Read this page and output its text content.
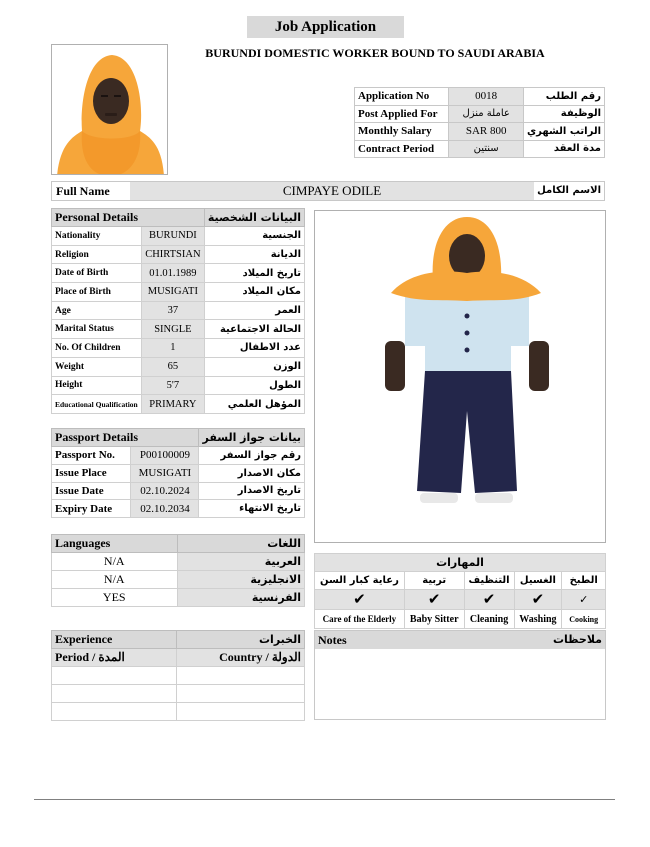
Job Application
BURUNDI DOMESTIC WORKER BOUND TO SAUDI ARABIA
Application No	0018	رقم الطلب
Post Applied For	عاملة منزل	الوظيفة
Monthly Salary	SAR 800	الراتب الشهري
Contract Period	سنتين	مدة العقد
Full Name	CIMPAYE ODILE	الاسم الكامل
Personal Details		البيانات الشخصية
Nationality	BURUNDI	الجنسية
Religion	CHIRTSIAN	الديانة
Date of Birth	01.01.1989	تاريخ الميلاد
Place of Birth	MUSIGATI	مكان الميلاد
Age	37	العمر
Marital Status	SINGLE	الحالة الاجتماعية
No. Of Children	1	عدد الاطفال
Weight	65	الوزن
Height	5'7	الطول
Educational Qualification	PRIMARY	المؤهل العلمي
Passport Details		بيانات جواز السفر
Passport No.	P00100009	رقم جواز السفر
Issue Place	MUSIGATI	مكان الاصدار
Issue Date	02.10.2024	تاريخ الاصدار
Expiry Date	02.10.2034	تاريخ الانتهاء
Languages	اللغات
N/A	العربية
N/A	الانجليزية
YES	الفرنسية
المهارات				
رعاية كبار السن	تربية	التنظيف	الغسيل	الطبخ
✔	✔	✔	✔	✓
Care of the Elderly	Baby Sitter	Cleaning	Washing	Cooking
Experience	الخبرات
Period / المدة	Country / الدولة

Notes	ملاحظات
